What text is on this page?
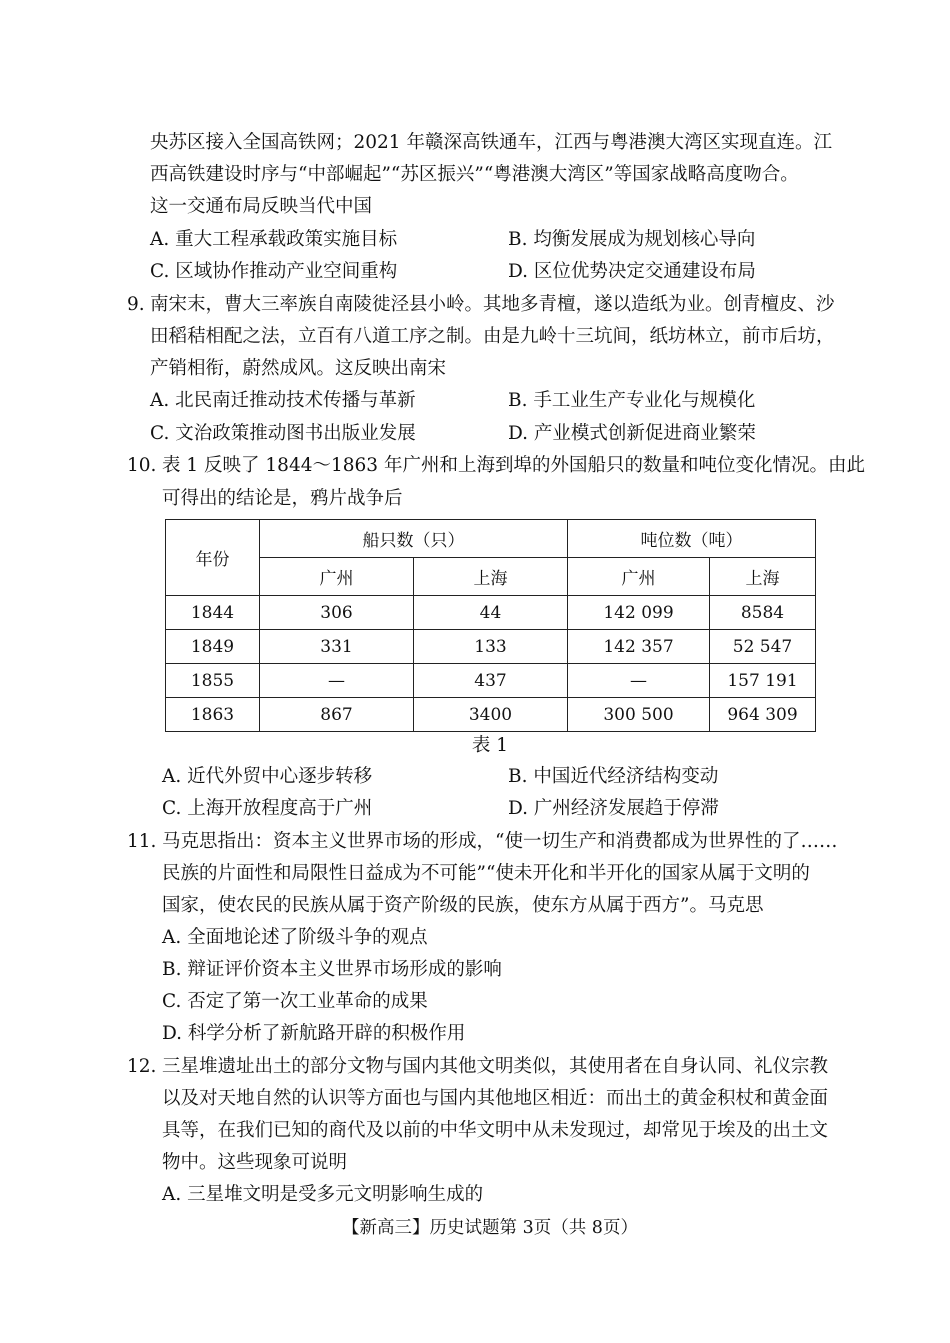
央苏区接入全国高铁网；2021 年赣深高铁通车，江西与粤港澳大湾区实现直连。江
西高铁建设时序与“中部崛起”“苏区振兴”“粤港澳大湾区”等国家战略高度吻合。
这一交通布局反映当代中国
A. 重大工程承载政策实施目标	B. 均衡发展成为规划核心导向
C. 区域协作推动产业空间重构	D. 区位优势决定交通建设布局
9. 南宋末，曹大三率族自南陵徙泾县小岭。其地多青檀，遂以造纸为业。创青檀皮、沙
田稻秸相配之法，立百有八道工序之制。由是九岭十三坑间，纸坊林立，前市后坊，
产销相衔，蔚然成风。这反映出南宋
A. 北民南迁推动技术传播与革新	B. 手工业生产专业化与规模化
C. 文治政策推动图书出版业发展	D. 产业模式创新促进商业繁荣
10. 表 1 反映了 1844～1863 年广州和上海到埠的外国船只的数量和吨位变化情况。由此
可得出的结论是，鸦片战争后
年份	船只数（只）		吨位数（吨）	
	广州	上海	广州	上海
1844	306	44	142 099	8584
1849	331	133	142 357	52 547
1855	—	437	—	157 191
1863	867	3400	300 500	964 309
表 1
A. 近代外贸中心逐步转移	B. 中国近代经济结构变动
C. 上海开放程度高于广州	D. 广州经济发展趋于停滞
11. 马克思指出：资本主义世界市场的形成，“使一切生产和消费都成为世界性的了……
民族的片面性和局限性日益成为不可能”“使未开化和半开化的国家从属于文明的
国家，使农民的民族从属于资产阶级的民族，使东方从属于西方”。马克思
A. 全面地论述了阶级斗争的观点
B. 辩证评价资本主义世界市场形成的影响
C. 否定了第一次工业革命的成果
D. 科学分析了新航路开辟的积极作用
12. 三星堆遗址出土的部分文物与国内其他文明类似，其使用者在自身认同、礼仪宗教
以及对天地自然的认识等方面也与国内其他地区相近：而出土的黄金积杖和黄金面
具等，在我们已知的商代及以前的中华文明中从未发现过，却常见于埃及的出土文
物中。这些现象可说明
A. 三星堆文明是受多元文明影响生成的
【新高三】历史试题第 3页（共 8页）
